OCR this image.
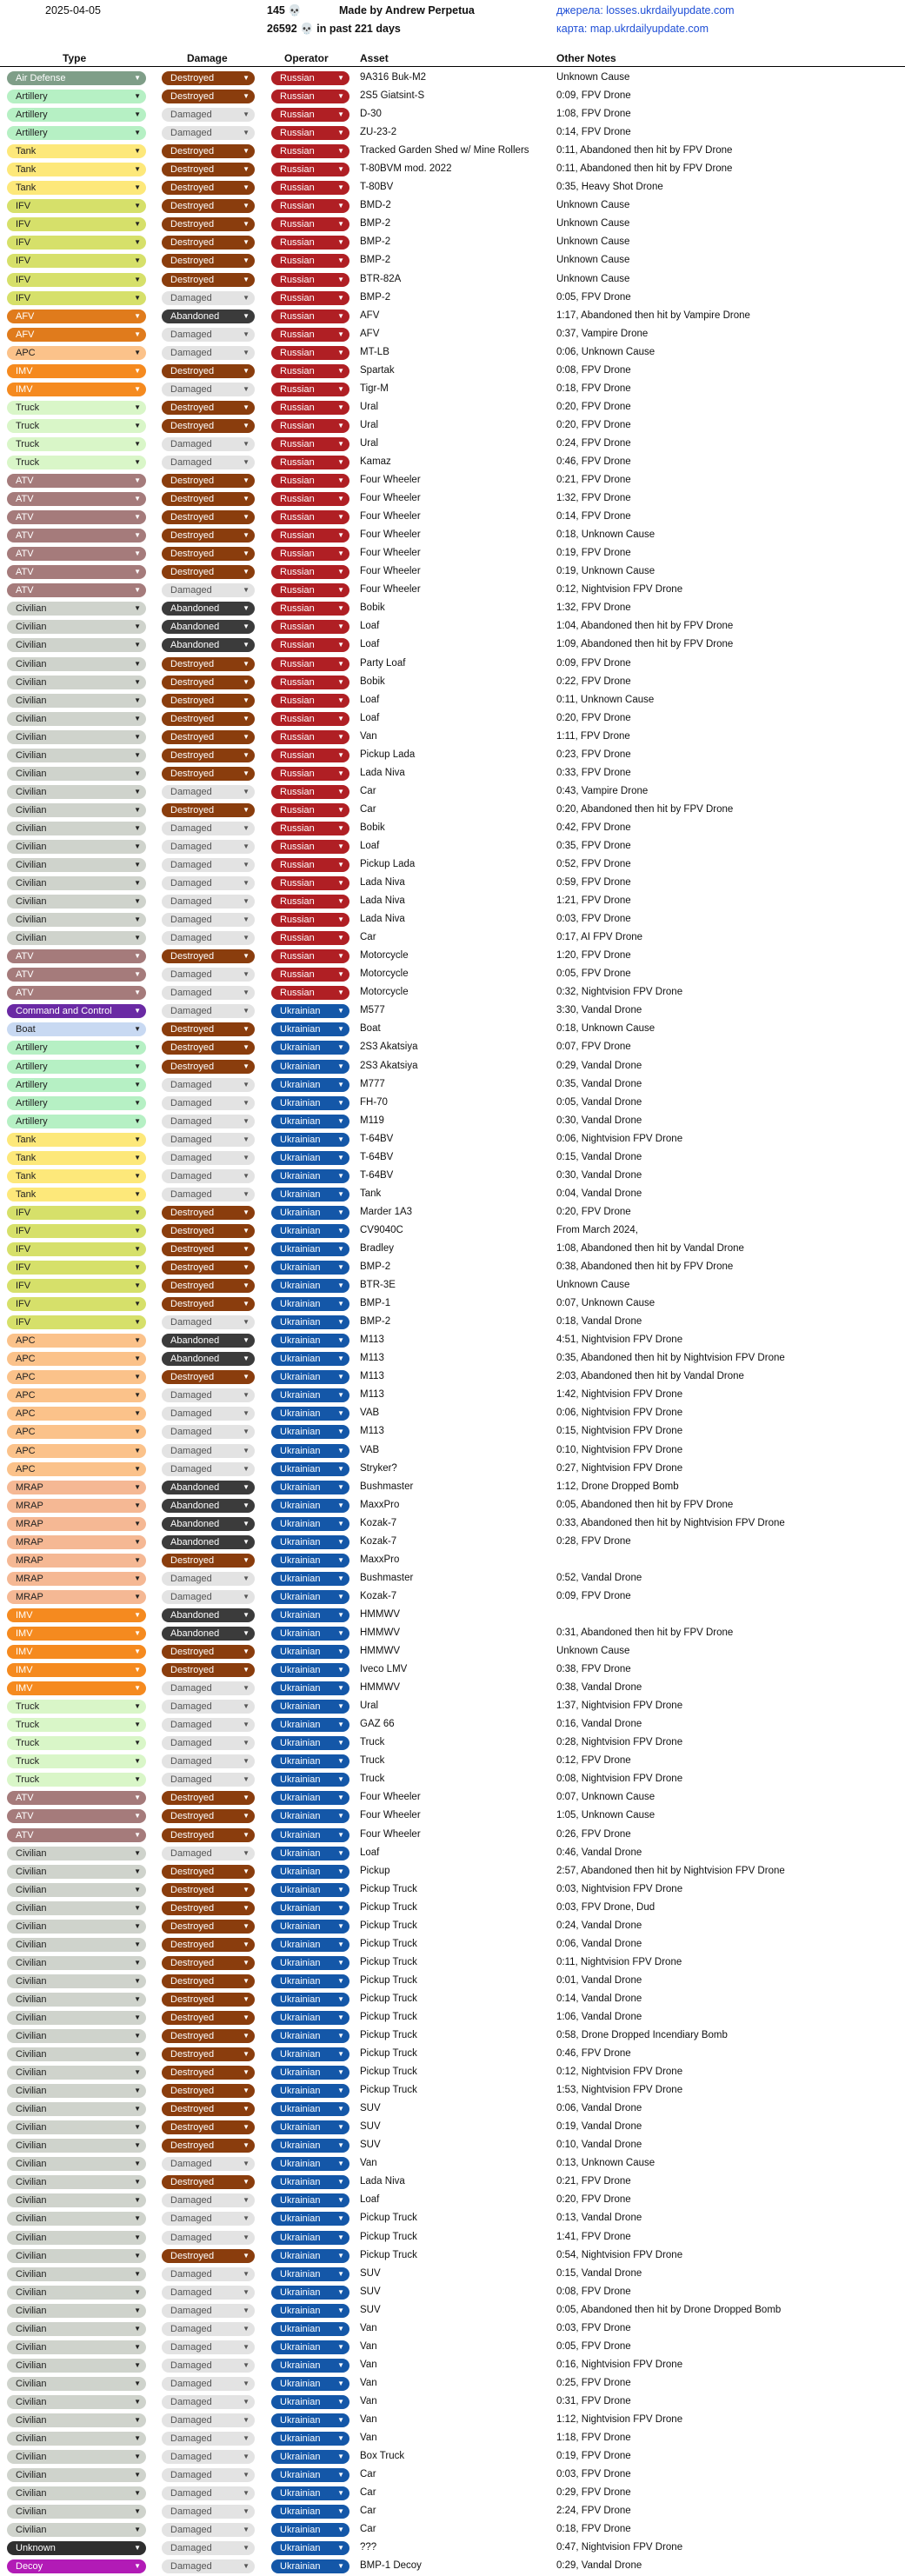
2025-04-05	145 💀
26592 💀 in past 221 days
Made by Andrew Perpetua	джерела: losses.ukrdailyupdate.com
карта: map.ukrdailyupdate.com
Type	Damage	Operator	Asset	Other Notes
Air Defense	▼	Destroyed	▼	Russian	▼ 9A316 Buk-M2	Unknown Cause
Artillery	▼	Destroyed	▼	Russian	▼ 2S5 Giatsint-S	0:09, FPV Drone
Artillery	▼	Damaged	▼	Russian	▼ D-30	1:08, FPV Drone
Artillery	▼	Damaged	▼	Russian	▼ ZU-23-2	0:14, FPV Drone
Tank	▼	Destroyed	▼	Russian	▼ Tracked Garden Shed w/ Mine Rollers	0:11, Abandoned then hit by FPV Drone
Tank	▼	Destroyed	▼	Russian	▼ T-80BVM mod. 2022	0:11, Abandoned then hit by FPV Drone
Tank	▼	Destroyed	▼	Russian	▼ T-80BV	0:35, Heavy Shot Drone
IFV	▼	Destroyed	▼	Russian	▼ BMD-2	Unknown Cause
IFV	▼	Destroyed	▼	Russian	▼ BMP-2	Unknown Cause
IFV	▼	Destroyed	▼	Russian	▼ BMP-2	Unknown Cause
IFV	▼	Destroyed	▼	Russian	▼ BMP-2	Unknown Cause
IFV	▼	Destroyed	▼	Russian	▼ BTR-82A	Unknown Cause
IFV	▼	Damaged	▼	Russian	▼ BMP-2	0:05, FPV Drone
AFV	▼	Abandoned	▼	Russian	▼ AFV	1:17, Abandoned then hit by Vampire Drone
AFV	▼	Damaged	▼	Russian	▼ AFV	0:37, Vampire Drone
APC	▼	Damaged	▼	Russian	▼ MT-LB	0:06, Unknown Cause
IMV	▼	Destroyed	▼	Russian	▼ Spartak	0:08, FPV Drone
IMV	▼	Damaged	▼	Russian	▼ Tigr-M	0:18, FPV Drone
Truck	▼	Destroyed	▼	Russian	▼ Ural	0:20, FPV Drone
Truck	▼	Destroyed	▼	Russian	▼ Ural	0:20, FPV Drone
Truck	▼	Damaged	▼	Russian	▼ Ural	0:24, FPV Drone
Truck	▼	Damaged	▼	Russian	▼ Kamaz	0:46, FPV Drone
ATV	▼	Destroyed	▼	Russian	▼ Four Wheeler	0:21, FPV Drone
ATV	▼	Destroyed	▼	Russian	▼ Four Wheeler	1:32, FPV Drone
ATV	▼	Destroyed	▼	Russian	▼ Four Wheeler	0:14, FPV Drone
ATV	▼	Destroyed	▼	Russian	▼ Four Wheeler	0:18, Unknown Cause
ATV	▼	Destroyed	▼	Russian	▼ Four Wheeler	0:19, FPV Drone
ATV	▼	Destroyed	▼	Russian	▼ Four Wheeler	0:19, Unknown Cause
ATV	▼	Damaged	▼	Russian	▼ Four Wheeler	0:12, Nightvision FPV Drone
Civilian	▼	Abandoned	▼	Russian	▼ Bobik	1:32, FPV Drone
Civilian	▼	Abandoned	▼	Russian	▼ Loaf	1:04, Abandoned then hit by FPV Drone
Civilian	▼	Abandoned	▼	Russian	▼ Loaf	1:09, Abandoned then hit by FPV Drone
Civilian	▼	Destroyed	▼	Russian	▼ Party Loaf	0:09, FPV Drone
Civilian	▼	Destroyed	▼	Russian	▼ Bobik	0:22, FPV Drone
Civilian	▼	Destroyed	▼	Russian	▼ Loaf	0:11, Unknown Cause
Civilian	▼	Destroyed	▼	Russian	▼ Loaf	0:20, FPV Drone
Civilian	▼	Destroyed	▼	Russian	▼ Van	1:11, FPV Drone
Civilian	▼	Destroyed	▼	Russian	▼ Pickup Lada	0:23, FPV Drone
Civilian	▼	Destroyed	▼	Russian	▼ Lada Niva	0:33, FPV Drone
Civilian	▼	Damaged	▼	Russian	▼ Car	0:43, Vampire Drone
Civilian	▼	Destroyed	▼	Russian	▼ Car	0:20, Abandoned then hit by FPV Drone
Civilian	▼	Damaged	▼	Russian	▼ Bobik	0:42, FPV Drone
Civilian	▼	Damaged	▼	Russian	▼ Loaf	0:35, FPV Drone
Civilian	▼	Damaged	▼	Russian	▼ Pickup Lada	0:52, FPV Drone
Civilian	▼	Damaged	▼	Russian	▼ Lada Niva	0:59, FPV Drone
Civilian	▼	Damaged	▼	Russian	▼ Lada Niva	1:21, FPV Drone
Civilian	▼	Damaged	▼	Russian	▼ Lada Niva	0:03, FPV Drone
Civilian	▼	Damaged	▼	Russian	▼ Car	0:17, AI FPV Drone
ATV	▼	Destroyed	▼	Russian	▼ Motorcycle	1:20, FPV Drone
ATV	▼	Damaged	▼	Russian	▼ Motorcycle	0:05, FPV Drone
ATV	▼	Damaged	▼	Russian	▼ Motorcycle	0:32, Nightvision FPV Drone
Command and Control	▼	Damaged	▼	Ukrainian ▼ M577	3:30, Vandal Drone
Boat	▼	Destroyed	▼	Ukrainian ▼ Boat	0:18, Unknown Cause
Artillery	▼	Destroyed	▼	Ukrainian ▼ 2S3 Akatsiya	0:07, FPV Drone
Artillery	▼	Destroyed	▼	Ukrainian ▼ 2S3 Akatsiya	0:29, Vandal Drone
Artillery	▼	Damaged	▼	Ukrainian ▼ M777	0:35, Vandal Drone
Artillery	▼	Damaged	▼	Ukrainian ▼ FH-70	0:05, Vandal Drone
Artillery	▼	Damaged	▼	Ukrainian ▼ M119	0:30, Vandal Drone
Tank	▼	Damaged	▼	Ukrainian ▼ T-64BV	0:06, Nightvision FPV Drone
Tank	▼	Damaged	▼	Ukrainian ▼ T-64BV	0:15, Vandal Drone
Tank	▼	Damaged	▼	Ukrainian ▼ T-64BV	0:30, Vandal Drone
Tank	▼	Damaged	▼	Ukrainian ▼ Tank	0:04, Vandal Drone
IFV	▼	Destroyed	▼	Ukrainian ▼ Marder 1A3	0:20, FPV Drone
IFV	▼	Destroyed	▼	Ukrainian ▼ CV9040C	From March 2024,
IFV	▼	Destroyed	▼	Ukrainian ▼ Bradley	1:08, Abandoned then hit by Vandal Drone
IFV	▼	Destroyed	▼	Ukrainian ▼ BMP-2	0:38, Abandoned then hit by FPV Drone
IFV	▼	Destroyed	▼	Ukrainian ▼ BTR-3E	Unknown Cause
IFV	▼	Destroyed	▼	Ukrainian ▼ BMP-1	0:07, Unknown Cause
IFV	▼	Damaged	▼	Ukrainian ▼ BMP-2	0:18, Vandal Drone
APC	▼	Abandoned	▼	Ukrainian ▼ M113	4:51, Nightvision FPV Drone
APC	▼	Abandoned	▼	Ukrainian ▼ M113	0:35, Abandoned then hit by Nightvision FPV Drone
APC	▼	Destroyed	▼	Ukrainian ▼ M113	2:03, Abandoned then hit by Vandal Drone
APC	▼	Damaged	▼	Ukrainian ▼ M113	1:42, Nightvision FPV Drone
APC	▼	Damaged	▼	Ukrainian ▼ VAB	0:06, Nightvision FPV Drone
APC	▼	Damaged	▼	Ukrainian ▼ M113	0:15, Nightvision FPV Drone
APC	▼	Damaged	▼	Ukrainian ▼ VAB	0:10, Nightvision FPV Drone
APC	▼	Damaged	▼	Ukrainian ▼ Stryker?	0:27, Nightvision FPV Drone
MRAP	▼	Abandoned	▼	Ukrainian ▼ Bushmaster	1:12, Drone Dropped Bomb
MRAP	▼	Abandoned	▼	Ukrainian ▼ MaxxPro	0:05, Abandoned then hit by FPV Drone
MRAP	▼	Abandoned	▼	Ukrainian ▼ Kozak-7	0:33, Abandoned then hit by Nightvision FPV Drone
MRAP	▼	Abandoned	▼	Ukrainian ▼ Kozak-7	0:28, FPV Drone
MRAP	▼	Destroyed	▼	Ukrainian ▼ MaxxPro
MRAP	▼	Damaged	▼	Ukrainian ▼ Bushmaster	0:52, Vandal Drone
MRAP	▼	Damaged	▼	Ukrainian ▼ Kozak-7	0:09, FPV Drone
IMV	▼	Abandoned	▼	Ukrainian ▼ HMMWV
IMV	▼	Abandoned	▼	Ukrainian ▼ HMMWV	0:31, Abandoned then hit by FPV Drone
IMV	▼	Destroyed	▼	Ukrainian ▼ HMMWV	Unknown Cause
IMV	▼	Destroyed	▼	Ukrainian ▼ Iveco LMV	0:38, FPV Drone
IMV	▼	Damaged	▼	Ukrainian ▼ HMMWV	0:38, Vandal Drone
Truck	▼	Damaged	▼	Ukrainian ▼ Ural	1:37, Nightvision FPV Drone
Truck	▼	Damaged	▼	Ukrainian ▼ GAZ 66	0:16, Vandal Drone
Truck	▼	Damaged	▼	Ukrainian ▼ Truck	0:28, Nightvision FPV Drone
Truck	▼	Damaged	▼	Ukrainian ▼ Truck	0:12, FPV Drone
Truck	▼	Damaged	▼	Ukrainian ▼ Truck	0:08, Nightvision FPV Drone
ATV	▼	Destroyed	▼	Ukrainian ▼ Four Wheeler	0:07, Unknown Cause
ATV	▼	Destroyed	▼	Ukrainian ▼ Four Wheeler	1:05, Unknown Cause
ATV	▼	Destroyed	▼	Ukrainian ▼ Four Wheeler	0:26, FPV Drone
Civilian	▼	Damaged	▼	Ukrainian ▼ Loaf	0:46, Vandal Drone
Civilian	▼	Destroyed	▼	Ukrainian ▼ Pickup	2:57, Abandoned then hit by Nightvision FPV Drone
Civilian	▼	Destroyed	▼	Ukrainian ▼ Pickup Truck	0:03, Nightvision FPV Drone
Civilian	▼	Destroyed	▼	Ukrainian ▼ Pickup Truck	0:03, FPV Drone, Dud
Civilian	▼	Destroyed	▼	Ukrainian ▼ Pickup Truck	0:24, Vandal Drone
Civilian	▼	Destroyed	▼	Ukrainian ▼ Pickup Truck	0:06, Vandal Drone
Civilian	▼	Destroyed	▼	Ukrainian ▼ Pickup Truck	0:11, Nightvision FPV Drone
Civilian	▼	Destroyed	▼	Ukrainian ▼ Pickup Truck	0:01, Vandal Drone
Civilian	▼	Destroyed	▼	Ukrainian ▼ Pickup Truck	0:14, Vandal Drone
Civilian	▼	Destroyed	▼	Ukrainian ▼ Pickup Truck	1:06, Vandal Drone
Civilian	▼	Destroyed	▼	Ukrainian ▼ Pickup Truck	0:58, Drone Dropped Incendiary Bomb
Civilian	▼	Destroyed	▼	Ukrainian ▼ Pickup Truck	0:46, FPV Drone
Civilian	▼	Destroyed	▼	Ukrainian ▼ Pickup Truck	0:12, Nightvision FPV Drone
Civilian	▼	Destroyed	▼	Ukrainian ▼ Pickup Truck	1:53, Nightvision FPV Drone
Civilian	▼	Destroyed	▼	Ukrainian ▼ SUV	0:06, Vandal Drone
Civilian	▼	Destroyed	▼	Ukrainian ▼ SUV	0:19, Vandal Drone
Civilian	▼	Destroyed	▼	Ukrainian ▼ SUV	0:10, Vandal Drone
Civilian	▼	Damaged	▼	Ukrainian ▼ Van	0:13, Unknown Cause
Civilian	▼	Destroyed	▼	Ukrainian ▼ Lada Niva	0:21, FPV Drone
Civilian	▼	Damaged	▼	Ukrainian ▼ Loaf	0:20, FPV Drone
Civilian	▼	Damaged	▼	Ukrainian ▼ Pickup Truck	0:13, Vandal Drone
Civilian	▼	Damaged	▼	Ukrainian ▼ Pickup Truck	1:41, FPV Drone
Civilian	▼	Destroyed	▼	Ukrainian ▼ Pickup Truck	0:54, Nightvision FPV Drone
Civilian	▼	Damaged	▼	Ukrainian ▼ SUV	0:15, Vandal Drone
Civilian	▼	Damaged	▼	Ukrainian ▼ SUV	0:08, FPV Drone
Civilian	▼	Damaged	▼	Ukrainian ▼ SUV	0:05, Abandoned then hit by Drone Dropped Bomb
Civilian	▼	Damaged	▼	Ukrainian ▼ Van	0:03, FPV Drone
Civilian	▼	Damaged	▼	Ukrainian ▼ Van	0:05, FPV Drone
Civilian	▼	Damaged	▼	Ukrainian ▼ Van	0:16, Nightvision FPV Drone
Civilian	▼	Damaged	▼	Ukrainian ▼ Van	0:25, FPV Drone
Civilian	▼	Damaged	▼	Ukrainian ▼ Van	0:31, FPV Drone
Civilian	▼	Damaged	▼	Ukrainian ▼ Van	1:12, Nightvision FPV Drone
Civilian	▼	Damaged	▼	Ukrainian ▼ Van	1:18, FPV Drone
Civilian	▼	Damaged	▼	Ukrainian ▼ Box Truck	0:19, FPV Drone
Civilian	▼	Damaged	▼	Ukrainian ▼ Car	0:03, FPV Drone
Civilian	▼	Damaged	▼	Ukrainian ▼ Car	0:29, FPV Drone
Civilian	▼	Damaged	▼	Ukrainian ▼ Car	2:24, FPV Drone
Civilian	▼	Damaged	▼	Ukrainian ▼ Car	0:18, FPV Drone
Unknown	▼	Damaged	▼	Ukrainian ▼ ???	0:47, Nightvision FPV Drone
Decoy	▼	Damaged	▼	Ukrainian ▼ BMP-1 Decoy	0:29, Vandal Drone
